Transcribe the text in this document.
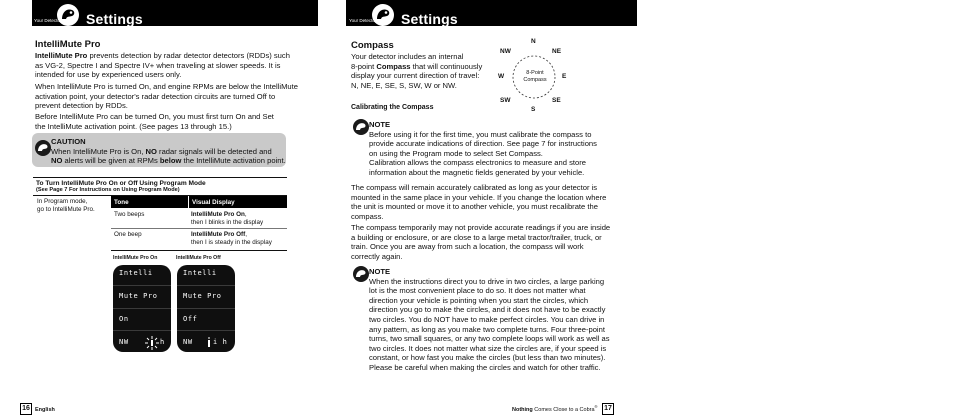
Your Detector Settings
IntelliMute Pro
IntelliMute Pro prevents detection by radar detector detectors (RDDs) such
as VG-2, Spectre I and Spectre IV+ when traveling at slower speeds. It is
intended for use by experienced users only.
When IntelliMute Pro is turned On, and engine RPMs are below the IntelliMute
activation point, your detector's radar detection circuits are turned Off to
prevent detection by RDDs.
Before IntelliMute Pro can be turned On, you must first turn On and Set
the IntelliMute activation point. (See pages 13 through 15.)
CAUTION
When IntelliMute Pro is On, NO radar signals will be detected and
NO alerts will be given at RPMs below the IntelliMute activation point.
To Turn IntelliMute Pro On or Off Using Program Mode
(See Page 7 For Instructions on Using Program Mode)
In Program mode,
go to IntelliMute Pro.
Tone	Visual Display
Two beeps	IntelliMute Pro On,
then I blinks in the display
One beep	IntelliMute Pro Off,
then I is steady in the display
IntelliMute Pro On	IntelliMute Pro Off
Intelli
Mute Pro
On
NW	h
Intelli
Mute Pro
Off
NW	i h
16 English
Your Detector Settings
Compass
Your detector includes an internal
8-point Compass that will continuously
display your current direction of travel:
N, NE, E, SE, S, SW, W or NW.
N
NE
E
SE
S
SW
W
NW
8-Point
Compass
Calibrating the Compass
NOTE
Before using it for the first time, you must calibrate the compass to
provide accurate indications of direction. See page 7 for instructions
on using the Program mode to select Set Compass.
Calibration allows the compass electronics to measure and store
information about the magnetic fields generated by your vehicle.
The compass will remain accurately calibrated as long as your detector is
mounted in the same place in your vehicle. If you change the location where
the unit is mounted or move it to another vehicle, you must recalibrate the
compass.
The compass temporarily may not provide accurate readings if you are inside
a building or enclosure, or are close to a large metal tractor/trailer, truck, or
train. Once you are away from such a location, the compass will work
correctly again.
NOTE
When the instructions direct you to drive in two circles, a large parking
lot is the most convenient place to do so. It does not matter what
direction your vehicle is pointing when you start the circles, which
direction you go to make the circles, and it does not have to be exactly
two circles. You do NOT have to make perfect circles. You can drive in
any pattern, as long as you make two complete turns. Four three-point
turns, two small squares, or any two complete loops will work as well as
two circles. It does not matter what size the circles are, if your speed is
constant, or how fast you make the circles (but less than two minutes).
Please be careful when making the circles and watch for other traffic.
Nothing Comes Close to a Cobra® 17
